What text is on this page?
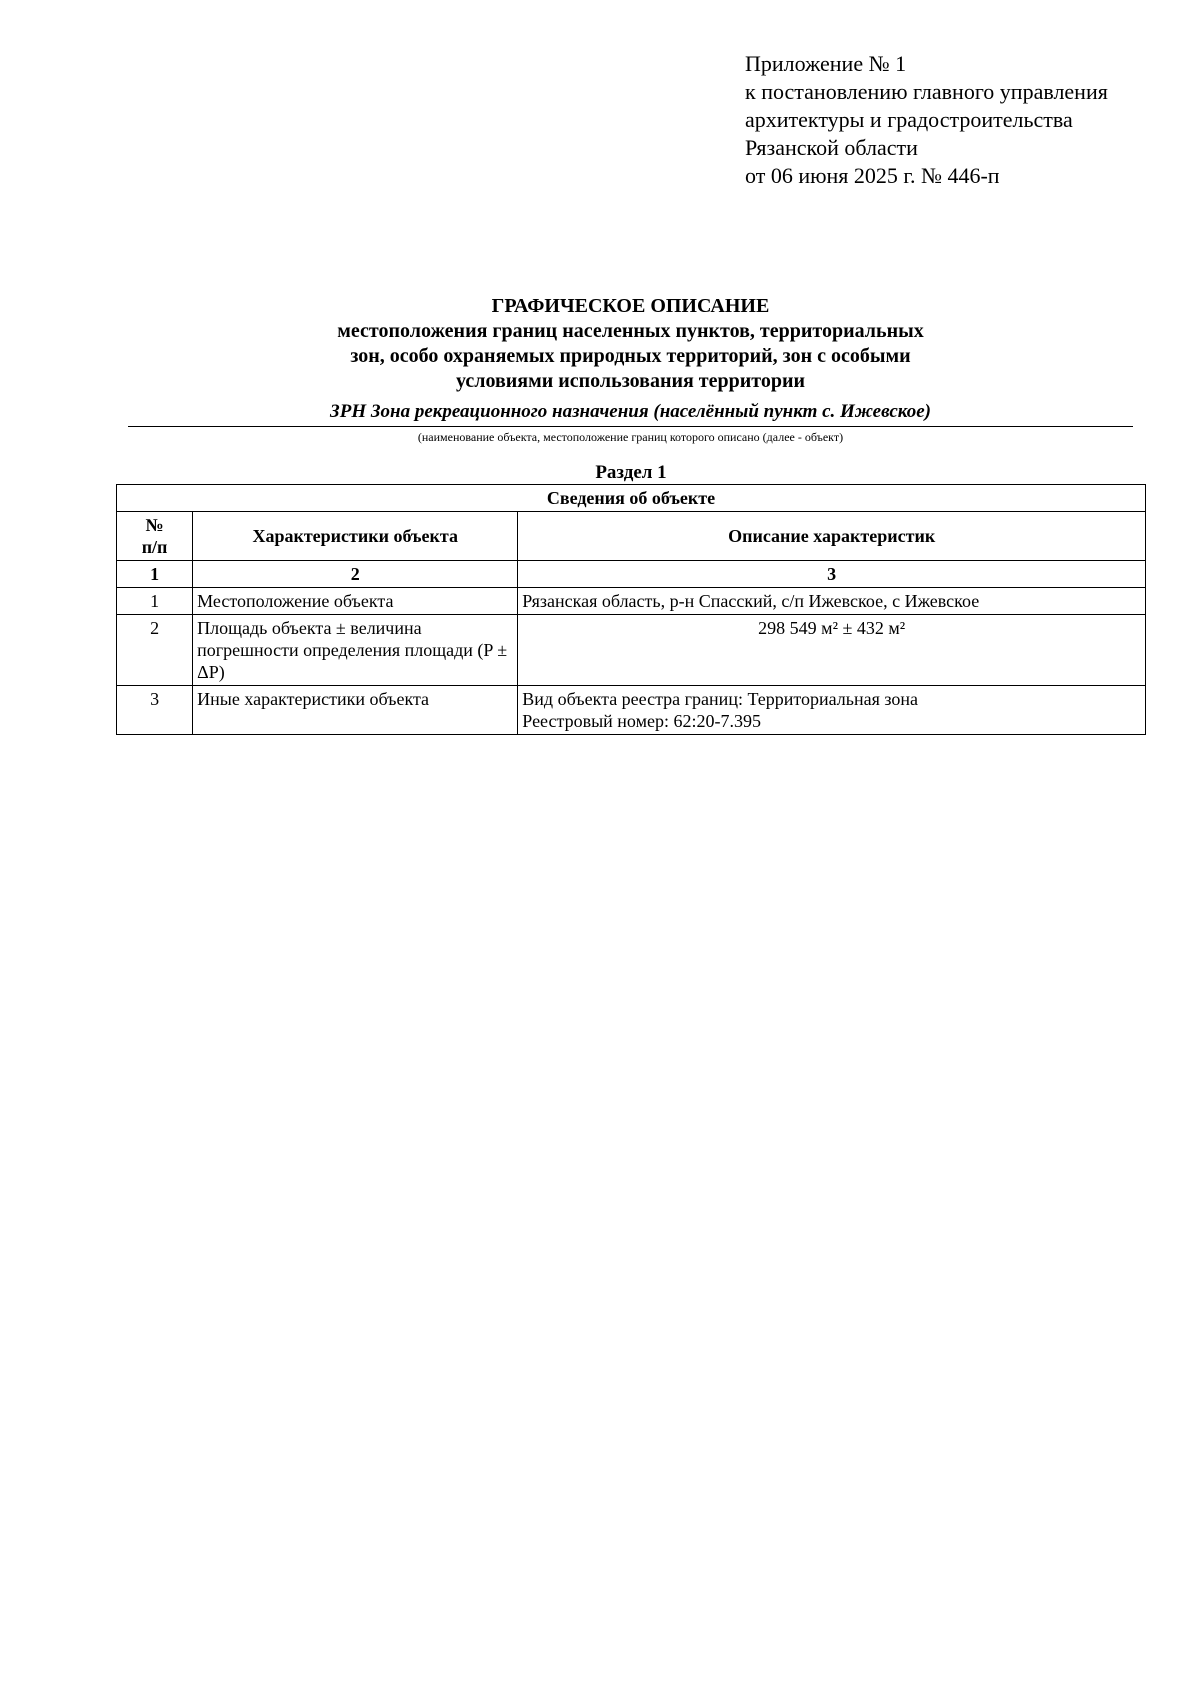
Приложение № 1
к постановлению главного управления
архитектуры и градостроительства
Рязанской области
от 06 июня 2025 г. № 446-п
ГРАФИЧЕСКОЕ ОПИСАНИЕ
местоположения границ населенных пунктов, территориальных
зон, особо охраняемых природных территорий, зон с особыми
условиями использования территории
ЗРН Зона рекреационного назначения (населённый пункт с. Ижевское)
(наименование объекта, местоположение границ которого описано (далее - объект)
Раздел 1
Сведения об объекте		
№
п/п	Характеристики объекта	Описание характеристик
1	2	3
1	Местоположение объекта	Рязанская область, р-н Спасский, с/п Ижевское, с Ижевское
2	Площадь объекта ± величина погрешности определения площади (P ± ΔP)	298 549 м² ± 432 м²
3	Иные характеристики объекта	Вид объекта реестра границ: Территориальная зона
Реестровый номер: 62:20-7.395
